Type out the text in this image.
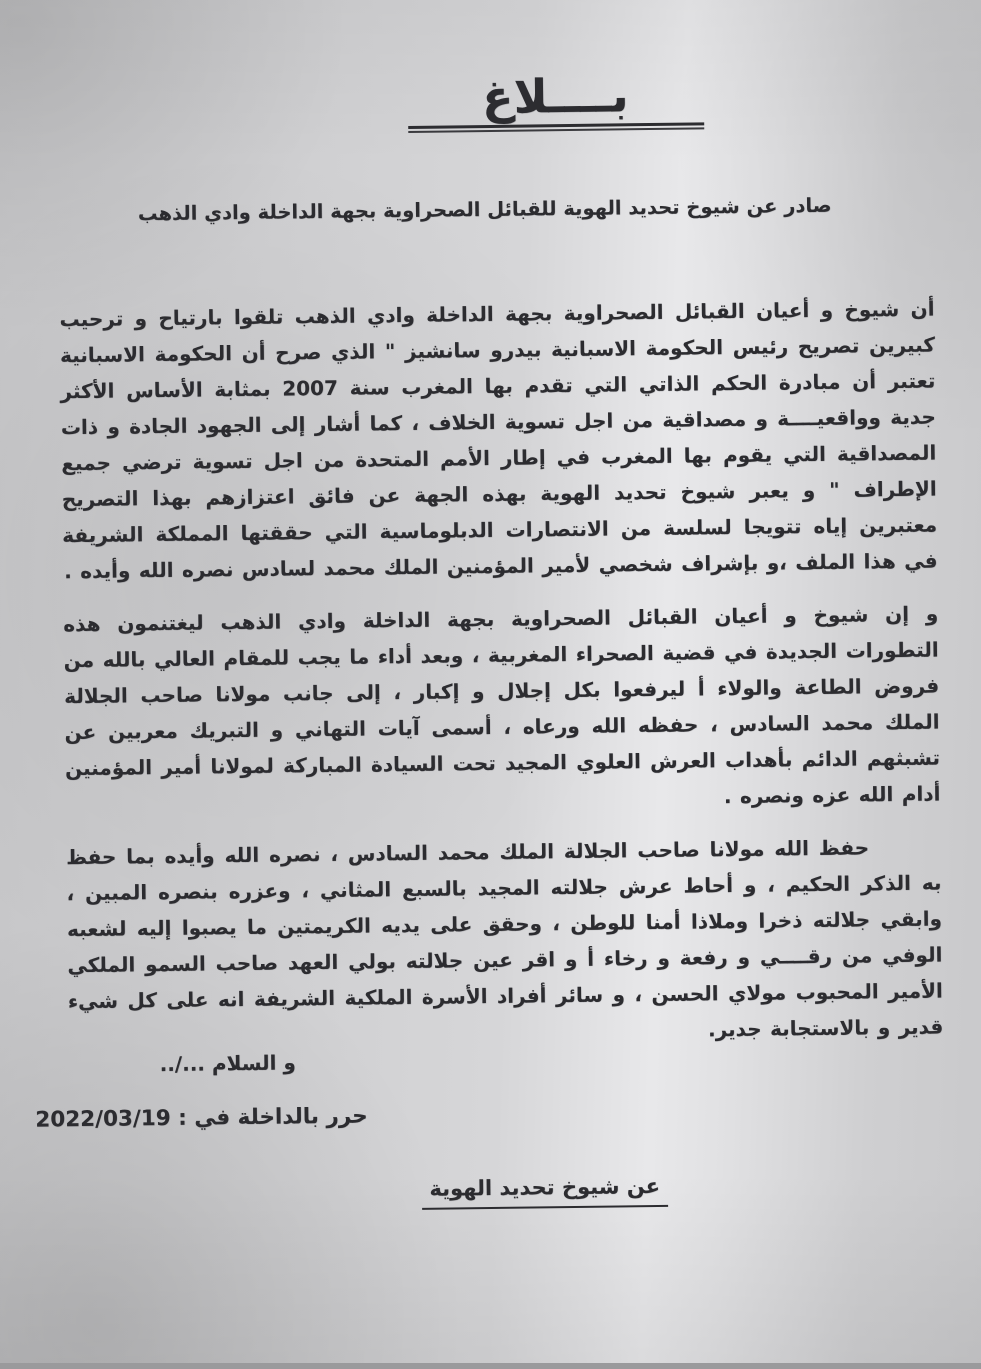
بــــلاغ
صادر عن شيوخ تحديد الهوية للقبائل الصحراوية بجهة الداخلة وادي الذهب

أن شيوخ و أعيان القبائل الصحراوية بجهة الداخلة وادي الذهب تلقوا بارتياح و ترحيب كبيرين تصريح رئيس الحكومة الاسبانية بيدرو سانشيز " الذي صرح أن الحكومة الاسبانية تعتبر أن مبادرة الحكم الذاتي التي تقدم بها المغرب سنة 2007 بمثابة الأساس الأكثر جدية وواقعيــــة و مصداقية من اجل تسوية الخلاف ، كما أشار إلى الجهود الجادة و ذات المصداقية التي يقوم بها المغرب في إطار الأمم المتحدة من اجل تسوية ترضي جميع الإطراف " و يعبر شيوخ تحديد الهوية بهذه الجهة عن فائق اعتزازهم بهذا التصريح معتبرين إياه تتويجا لسلسة من الانتصارات الدبلوماسية التي حققتها المملكة الشريفة في هذا الملف ،و بإشراف شخصي لأمير المؤمنين الملك محمد لسادس نصره الله وأيده .

و إن شيوخ و أعيان القبائل الصحراوية بجهة الداخلة وادي الذهب ليغتنمون هذه التطورات الجديدة في قضية الصحراء المغربية ، وبعد أداء ما يجب للمقام العالي بالله من فروض الطاعة والولاء أ ليرفعوا بكل إجلال و إكبار ، إلى جانب مولانا صاحب الجلالة الملك محمد السادس ، حفظه الله ورعاه ، أسمى آيات التهاني و التبريك معربين عن تشبثهم الدائم بأهداب العرش العلوي المجيد تحت السيادة المباركة لمولانا أمير المؤمنين أدام الله عزه ونصره .

حفظ الله مولانا صاحب الجلالة الملك محمد السادس ، نصره الله وأيده بما حفظ به الذكر الحكيم ، و أحاط عرش جلالته المجيد بالسبع المثاني ، وعزره بنصره المبين ، وابقي جلالته ذخرا وملاذا أمنا للوطن ، وحقق على يديه الكريمتين ما يصبوا إليه لشعبه الوفي من رقــــي و رفعة و رخاء أ و اقر عين جلالته بولي العهد صاحب السمو الملكي الأمير المحبوب مولاي الحسن ، و سائر أفراد الأسرة الملكية الشريفة انه على كل شيء قدير و بالاستجابة جدير.

و السلام .../..
حرر بالداخلة في : 2022/03/19
عن شيوخ تحديد الهوية
